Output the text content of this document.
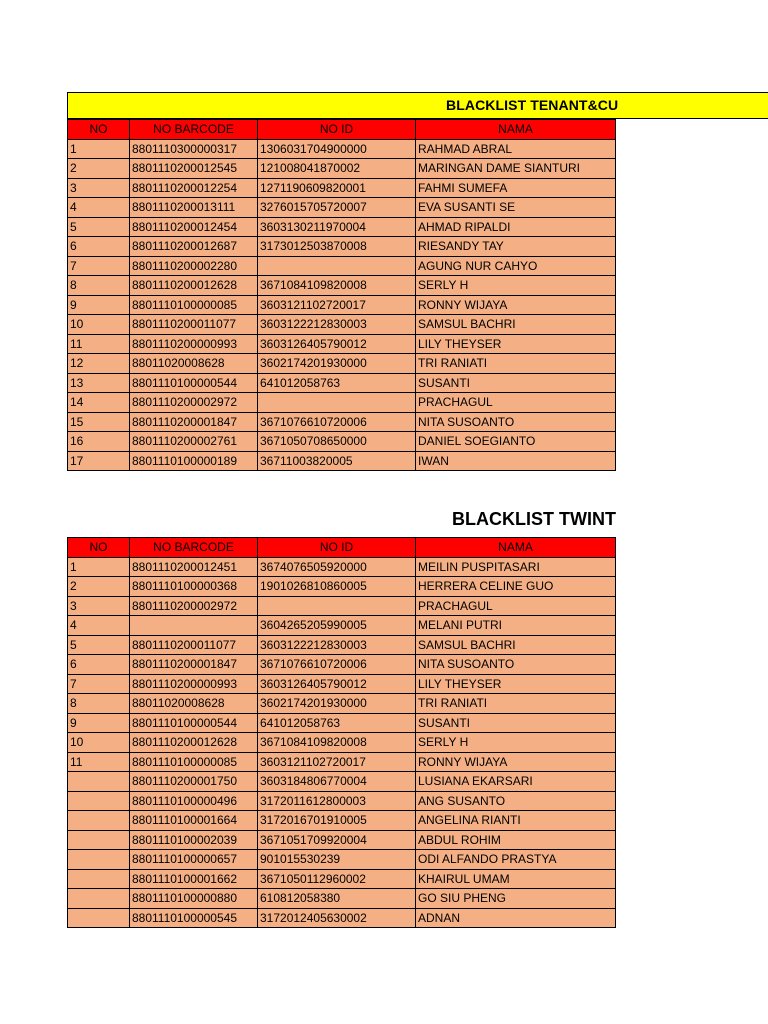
BLACKLIST TENANT&CU
NO	NO BARCODE	NO ID	NAMA
1	8801110300000317	1306031704900000	RAHMAD ABRAL
2	8801110200012545	121008041870002	MARINGAN DAME SIANTURI
3	8801110200012254	1271190609820001	FAHMI SUMEFA
4	8801110200013111	3276015705720007	EVA SUSANTI SE
5	8801110200012454	3603130211970004	AHMAD RIPALDI
6	8801110200012687	3173012503870008	RIESANDY TAY
7	8801110200002280		AGUNG NUR CAHYO
8	8801110200012628	3671084109820008	SERLY H
9	8801110100000085	3603121102720017	RONNY WIJAYA
10	8801110200011077	3603122212830003	SAMSUL BACHRI
11	8801110200000993	3603126405790012	LILY THEYSER
12	88011020008628	3602174201930000	TRI RANIATI
13	8801110100000544	641012058763	SUSANTI
14	8801110200002972		PRACHAGUL
15	8801110200001847	3671076610720006	NITA SUSOANTO
16	8801110200002761	3671050708650000	DANIEL SOEGIANTO
17	8801110100000189	36711003820005	IWAN
BLACKLIST TWINT
NO	NO BARCODE	NO ID	NAMA
1	8801110200012451	3674076505920000	MEILIN PUSPITASARI
2	8801110100000368	1901026810860005	HERRERA CELINE GUO
3	8801110200002972		PRACHAGUL
4		3604265205990005	MELANI PUTRI
5	8801110200011077	3603122212830003	SAMSUL BACHRI
6	8801110200001847	3671076610720006	NITA SUSOANTO
7	8801110200000993	3603126405790012	LILY THEYSER
8	88011020008628	3602174201930000	TRI RANIATI
9	8801110100000544	641012058763	SUSANTI
10	8801110200012628	3671084109820008	SERLY H
11	8801110100000085	3603121102720017	RONNY WIJAYA
	8801110200001750	3603184806770004	LUSIANA EKARSARI
	8801110100000496	3172011612800003	ANG SUSANTO
	8801110100001664	3172016701910005	ANGELINA RIANTI
	8801110100002039	3671051709920004	ABDUL ROHIM
	8801110100000657	901015530239	ODI ALFANDO PRASTYA
	8801110100001662	3671050112960002	KHAIRUL UMAM
	8801110100000880	610812058380	GO SIU PHENG
	8801110100000545	3172012405630002	ADNAN
